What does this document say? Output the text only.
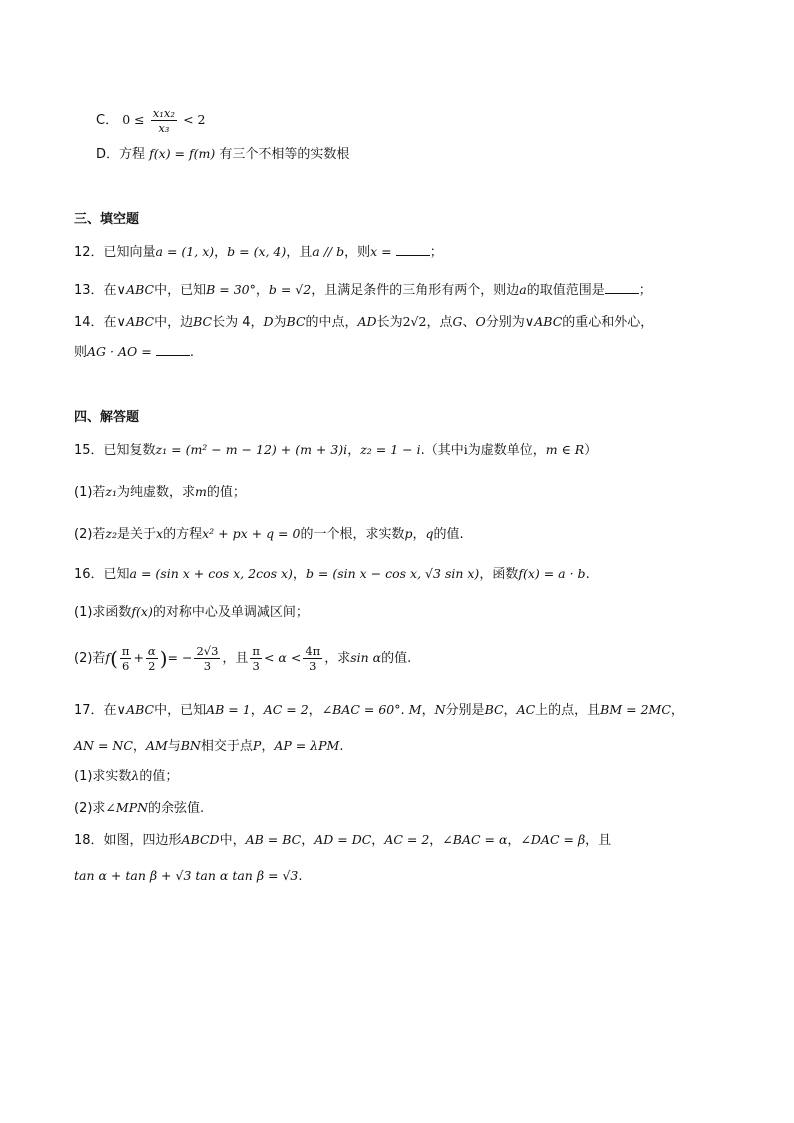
C． $0 \le \frac{\text{x₁x₂}}{\text{x₃}} < 2$
D．方程 f(x) = f(m) 有三个不相等的实数根
三、填空题
12．已知向量a = (1, x)，b = (x, 4)，且a // b，则x =	；
13．在∨ABC中，已知B = 30°，b = √2，且满足条件的三角形有两个，则边a的取值范围是	；
14．在∨ABC中，边BC长为 4，D为BC的中点，AD长为2√2，点G、O分别为∨ABC的重心和外心，
则AG · AO =	.
四、解答题
15．已知复数z₁ = (m² − m − 12) + (m + 3)i，z₂ = 1 − i.（其中i为虚数单位，m ∈ R）
(1)若z₁为纯虚数，求m的值；
(2)若z₂是关于x的方程x² + px + q = 0的一个根，求实数p，q的值.
16．已知a = (sin x + cos x, 2cos x)，b = (sin x − cos x, √3 sin x)，函数f(x) = a · b.
(1)求函数f(x)的对称中心及单调减区间；
(2)若$f( \frac{\pi}{6} + \frac{\alpha}{2}$ )= − $\frac{2√3}{3}$ ，且 $\frac{\pi}{3} < \alpha < \frac{4\pi}{3}$ ，求sin α的值.
17．在∨ABC中，已知AB = 1，AC = 2，∠BAC = 60°. M，N分别是BC，AC上的点，且BM = 2MC，
AN = NC，AM与BN相交于点P，AP = λPM.
(1)求实数λ的值；
(2)求∠MPN的余弦值.
18．如图，四边形ABCD中，AB = BC，AD = DC，AC = 2，∠BAC = α，∠DAC = β，且
tan α + tan β + √3 tan α tan β = √3.
